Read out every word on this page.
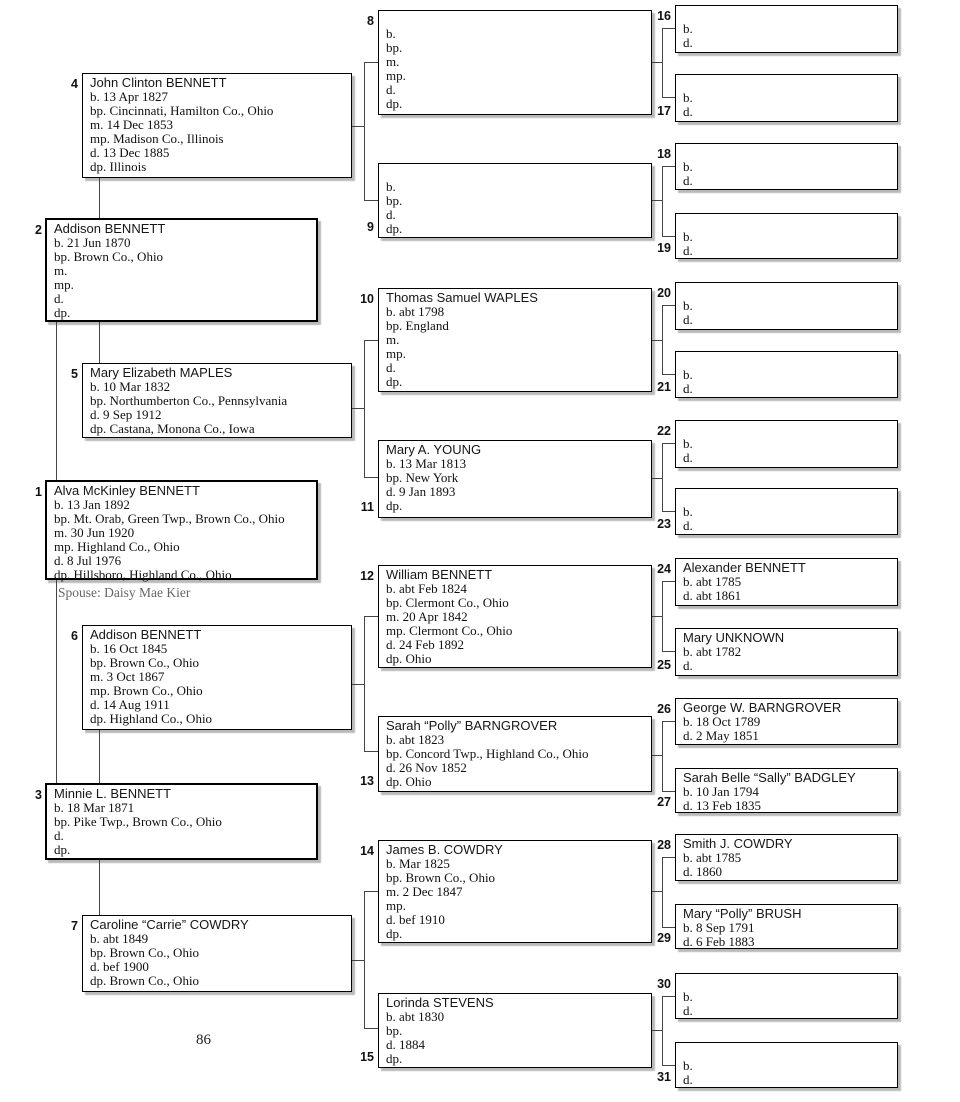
1 Alva McKinley BENNETT
b. 13 Jan 1892
bp. Mt. Orab, Green Twp., Brown Co., Ohio
m. 30 Jun 1920
mp. Highland Co., Ohio
d. 8 Jul 1976
dp. Hillsboro, Highland Co., Ohio
Spouse: Daisy Mae Kier
2 Addison BENNETT
b. 21 Jun 1870
bp. Brown Co., Ohio
m.
mp.
d.
dp.
3 Minnie L. BENNETT
b. 18 Mar 1871
bp. Pike Twp., Brown Co., Ohio
d.
dp.
4 John Clinton BENNETT
b. 13 Apr 1827
bp. Cincinnati, Hamilton Co., Ohio
m. 14 Dec 1853
mp. Madison Co., Illinois
d. 13 Dec 1885
dp. Illinois
5 Mary Elizabeth MAPLES
b. 10 Mar 1832
bp. Northumberton Co., Pennsylvania
d. 9 Sep 1912
dp. Castana, Monona Co., Iowa
6 Addison BENNETT
b. 16 Oct 1845
bp. Brown Co., Ohio
m. 3 Oct 1867
mp. Brown Co., Ohio
d. 14 Aug 1911
dp. Highland Co., Ohio
7 Caroline “Carrie” COWDRY
b. abt 1849
bp. Brown Co., Ohio
d. bef 1900
dp. Brown Co., Ohio
8
b.
bp.
m.
mp.
d.
dp.
9
b.
bp.
d.
dp.
10 Thomas Samuel WAPLES
b. abt 1798
bp. England
m.
mp.
d.
dp.
11
Mary A. YOUNG
b. 13 Mar 1813
bp. New York
d. 9 Jan 1893
dp.
12 William BENNETT
b. abt Feb 1824
bp. Clermont Co., Ohio
m. 20 Apr 1842
mp. Clermont Co., Ohio
d. 24 Feb 1892
dp. Ohio
13
Sarah “Polly” BARNGROVER
b. abt 1823
bp. Concord Twp., Highland Co., Ohio
d. 26 Nov 1852
dp. Ohio
14 James B. COWDRY
b. Mar 1825
bp. Brown Co., Ohio
m. 2 Dec 1847
mp.
d. bef 1910
dp.
15
Lorinda STEVENS
b. abt 1830
bp.
d. 1884
dp.
16
b.
d.
17
b.
d.
18
b.
d.
19
b.
d.
20
b.
d.
21
b.
d.
22
b.
d.
23
b.
d.
24 Alexander BENNETT
b. abt 1785
d. abt 1861
25
Mary UNKNOWN
b. abt 1782
d.
26 George W. BARNGROVER
b. 18 Oct 1789
d. 2 May 1851
27
Sarah Belle “Sally” BADGLEY
b. 10 Jan 1794
d. 13 Feb 1835
28 Smith J. COWDRY
b. abt 1785
d. 1860
29
Mary “Polly” BRUSH
b. 8 Sep 1791
d. 6 Feb 1883
30
b.
d.
31
b.
d.
86
